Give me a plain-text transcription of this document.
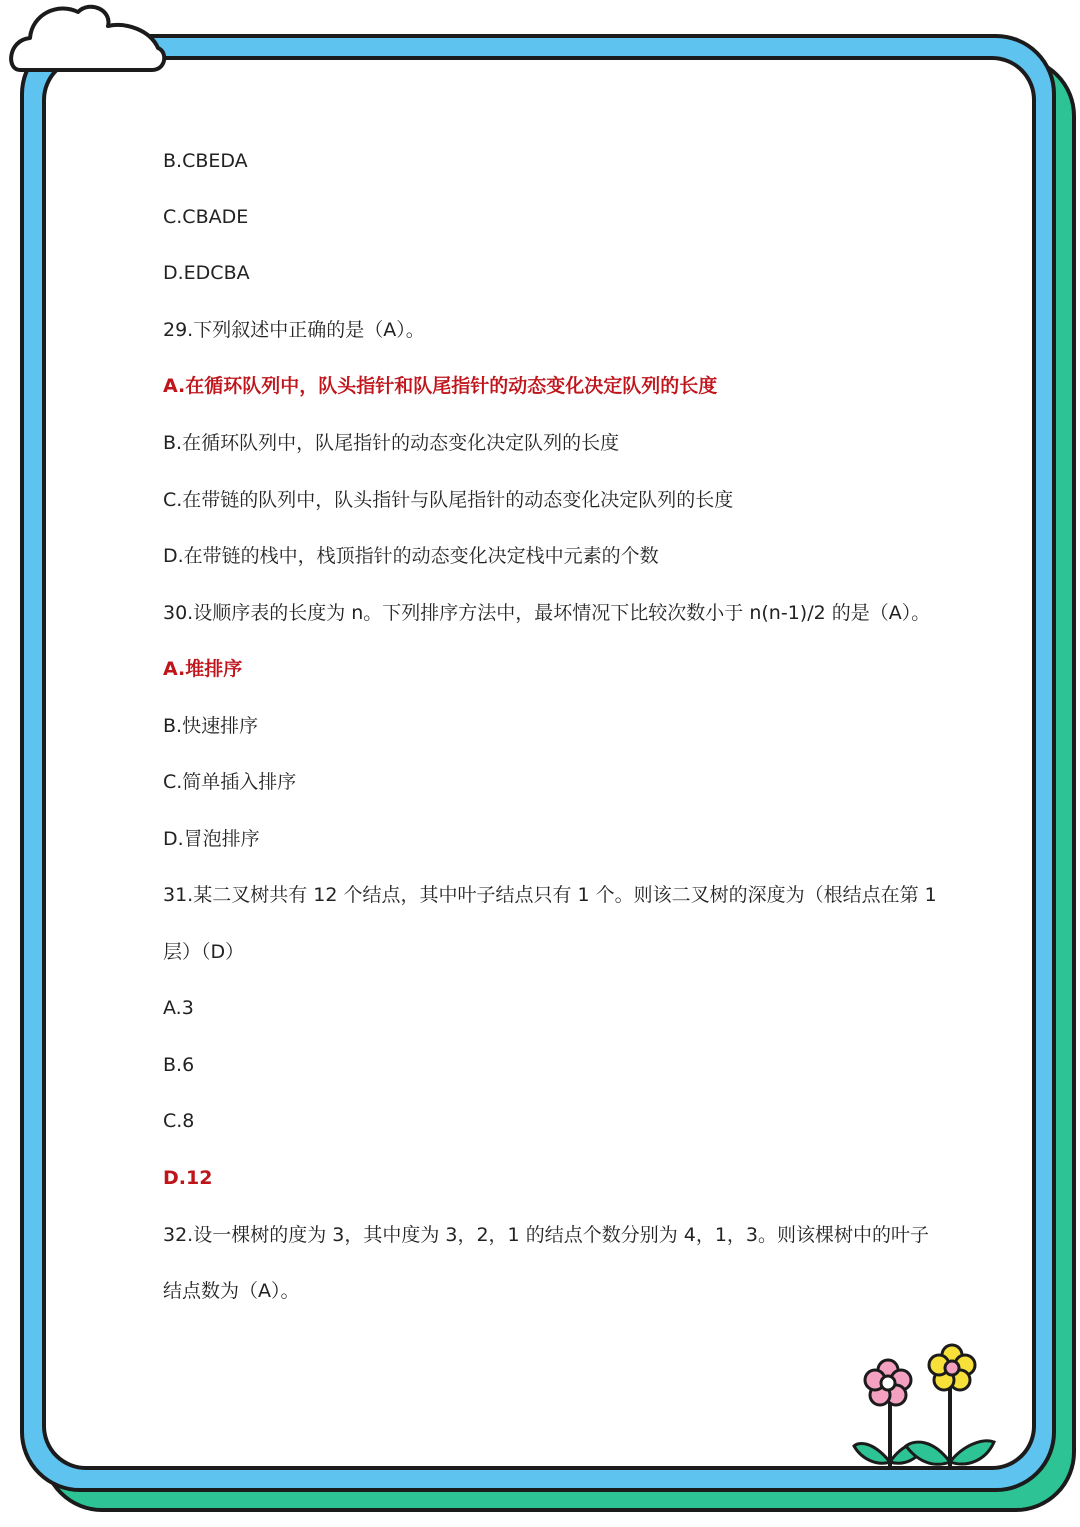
B.CBEDA
C.CBADE
D.EDCBA
29.下列叙述中正确的是（A）。
A.在循环队列中，队头指针和队尾指针的动态变化决定队列的长度
B.在循环队列中，队尾指针的动态变化决定队列的长度
C.在带链的队列中，队头指针与队尾指针的动态变化决定队列的长度
D.在带链的栈中，栈顶指针的动态变化决定栈中元素的个数
30.设顺序表的长度为 n。下列排序方法中，最坏情况下比较次数小于 n(n-1)/2 的是（A）。
A.堆排序
B.快速排序
C.简单插入排序
D.冒泡排序
31.某二叉树共有 12 个结点，其中叶子结点只有 1 个。则该二叉树的深度为（根结点在第 1
层）（D）
A.3
B.6
C.8
D.12
32.设一棵树的度为 3，其中度为 3，2，1 的结点个数分别为 4，1，3。则该棵树中的叶子
结点数为（A）。
